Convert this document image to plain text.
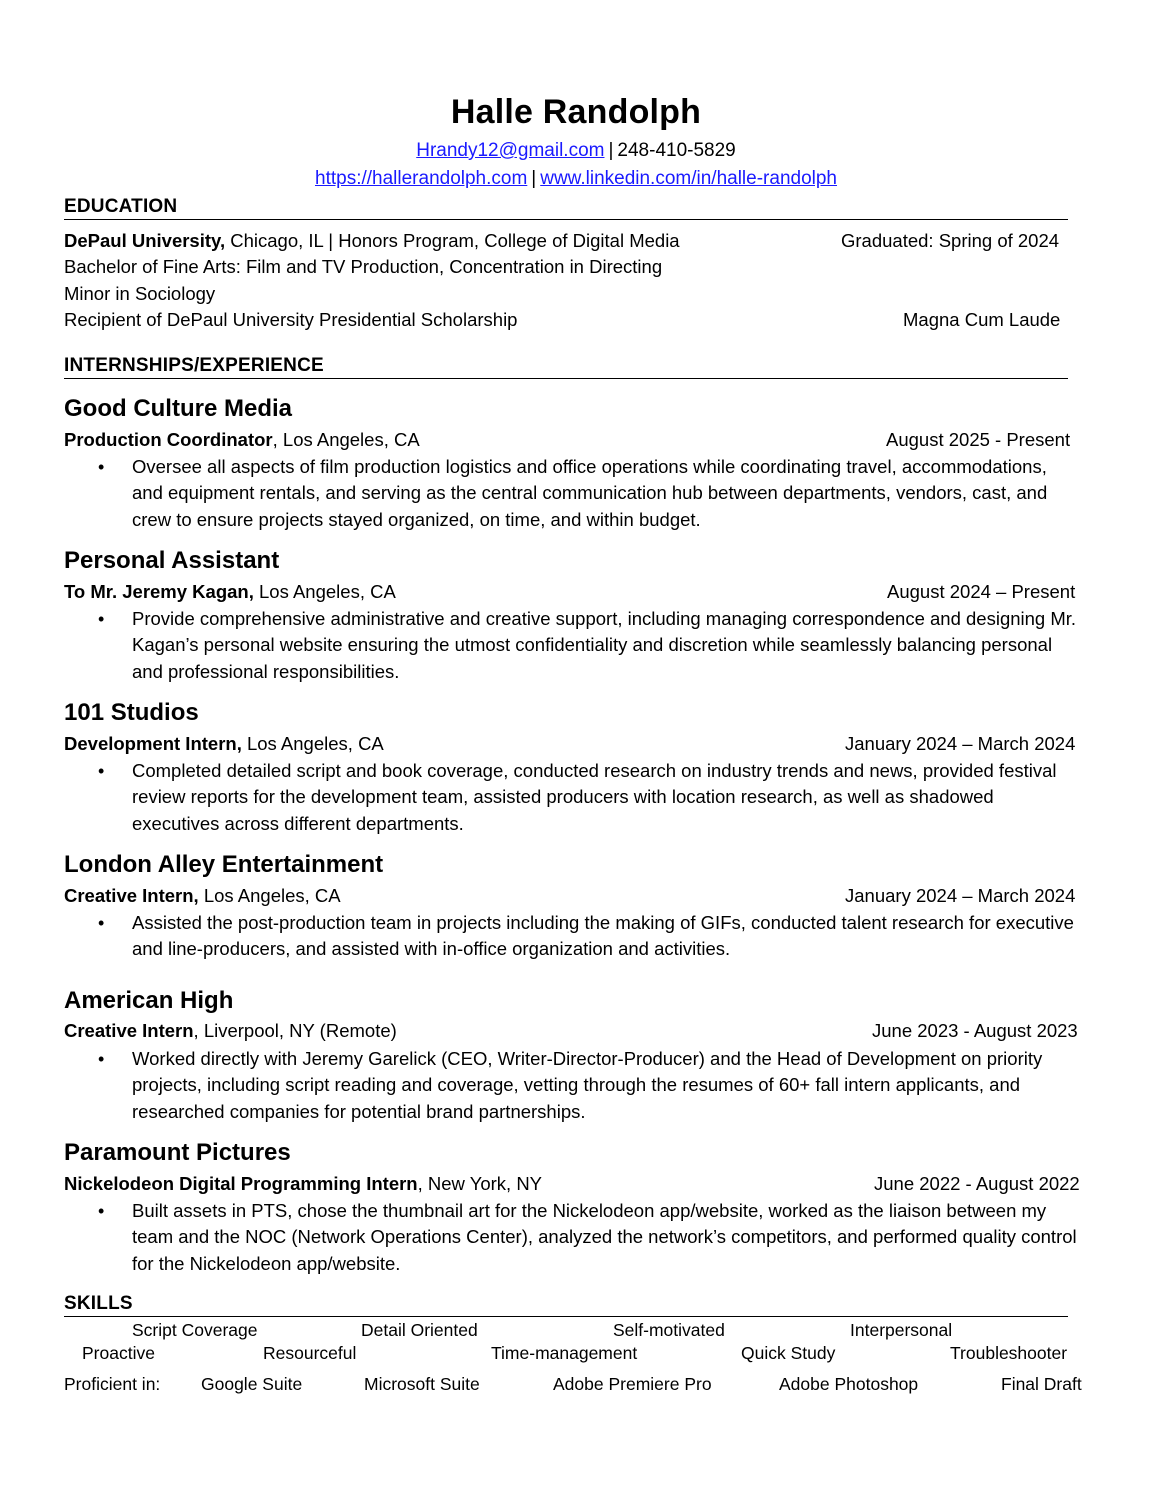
Halle Randolph
Hrandy12@gmail.com | 248-410-5829
https://hallerandolph.com | www.linkedin.com/in/halle-randolph
EDUCATION
DePaul University, Chicago, IL | Honors Program, College of Digital Media	Graduated: Spring of 2024
Bachelor of Fine Arts: Film and TV Production, Concentration in Directing
Minor in Sociology
Recipient of DePaul University Presidential Scholarship	Magna Cum Laude
INTERNSHIPS/EXPERIENCE
Good Culture Media
Production Coordinator, Los Angeles, CA	August 2025 - Present
• Oversee all aspects of film production logistics and office operations while coordinating travel, accommodations, and equipment rentals, and serving as the central communication hub between departments, vendors, cast, and crew to ensure projects stayed organized, on time, and within budget.
Personal Assistant
To Mr. Jeremy Kagan, Los Angeles, CA	August 2024 – Present
• Provide comprehensive administrative and creative support, including managing correspondence and designing Mr. Kagan’s personal website ensuring the utmost confidentiality and discretion while seamlessly balancing personal and professional responsibilities.
101 Studios
Development Intern, Los Angeles, CA	January 2024 – March 2024
• Completed detailed script and book coverage, conducted research on industry trends and news, provided festival review reports for the development team, assisted producers with location research, as well as shadowed executives across different departments.
London Alley Entertainment
Creative Intern, Los Angeles, CA	January 2024 – March 2024
• Assisted the post-production team in projects including the making of GIFs, conducted talent research for executive and line-producers, and assisted with in-office organization and activities.
American High
Creative Intern, Liverpool, NY (Remote)	June 2023 - August 2023
• Worked directly with Jeremy Garelick (CEO, Writer-Director-Producer) and the Head of Development on priority projects, including script reading and coverage, vetting through the resumes of 60+ fall intern applicants, and researched companies for potential brand partnerships.
Paramount Pictures
Nickelodeon Digital Programming Intern, New York, NY	June 2022 - August 2022
• Built assets in PTS, chose the thumbnail art for the Nickelodeon app/website, worked as the liaison between my team and the NOC (Network Operations Center), analyzed the network’s competitors, and performed quality control for the Nickelodeon app/website.
SKILLS
Script Coverage	Detail Oriented	Self-motivated	Interpersonal
Proactive	Resourceful	Time-management	Quick Study	Troubleshooter
Proficient in: Google Suite	Microsoft Suite	Adobe Premiere Pro	Adobe Photoshop	Final Draft
